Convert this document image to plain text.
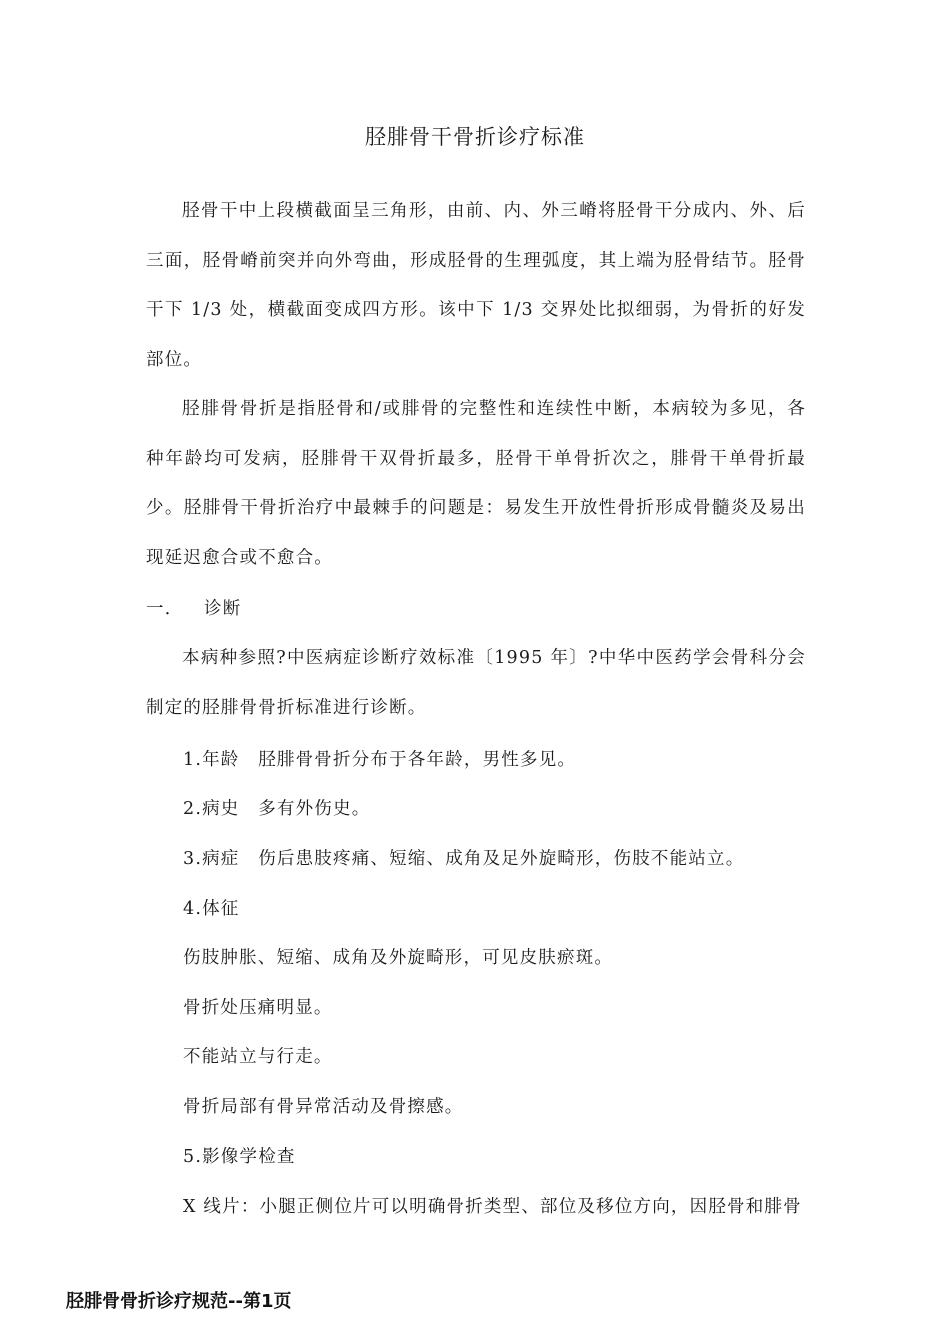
胫腓骨干骨折诊疗标准

胫骨干中上段横截面呈三角形，由前、内、外三嵴将胫骨干分成内、外、后三面，胫骨嵴前突并向外弯曲，形成胫骨的生理弧度，其上端为胫骨结节。胫骨干下 1/3 处，横截面变成四方形。该中下 1/3 交界处比拟细弱，为骨折的好发部位。

胫腓骨骨折是指胫骨和/或腓骨的完整性和连续性中断，本病较为多见，各种年龄均可发病，胫腓骨干双骨折最多，胫骨干单骨折次之，腓骨干单骨折最少。胫腓骨干骨折治疗中最棘手的问题是：易发生开放性骨折形成骨髓炎及易出现延迟愈合或不愈合。

一． 诊断

本病种参照?中医病症诊断疗效标准〔1995 年〕?中华中医药学会骨科分会制定的胫腓骨骨折标准进行诊断。

1.年龄　胫腓骨骨折分布于各年龄，男性多见。
2.病史　多有外伤史。
3.病症　伤后患肢疼痛、短缩、成角及足外旋畸形，伤肢不能站立。
4.体征
伤肢肿胀、短缩、成角及外旋畸形，可见皮肤瘀斑。
骨折处压痛明显。
不能站立与行走。
骨折局部有骨异常活动及骨擦感。
5.影像学检查
X 线片：小腿正侧位片可以明确骨折类型、部位及移位方向，因胫骨和腓骨
胫腓骨骨折诊疗规范--第1页
